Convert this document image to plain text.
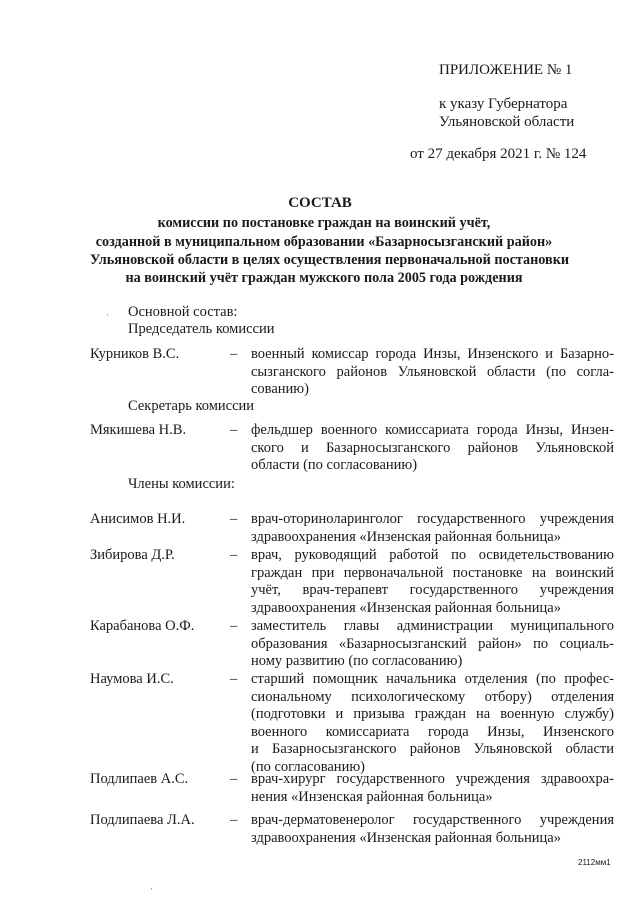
ПРИЛОЖЕНИЕ № 1
к указу Губернатора
Ульяновской области
от 27 декабря 2021 г. № 124
СОСТАВ
комиссии по постановке граждан на воинский учёт,
созданной в муниципальном образовании «Базарносызганский район»
Ульяновской области в целях осуществления первоначальной постановки
на воинский учёт граждан мужского пола 2005 года рождения
· Основной состав:
Председатель комиссии
Курников В.С.	– военный комиссар города Инзы, Инзенского и Базарно-
сызганского районов Ульяновской области (по согла-
сованию)
Секретарь комиссии
Мякишева Н.В.	– фельдшер военного комиссариата города Инзы, Инзен-
ского и Базарносызганского районов Ульяновской
области (по согласованию)
Члены комиссии:
Анисимов Н.И.	– врач-оториноларинголог государственного учреждения
здравоохранения «Инзенская районная больница»
Зибирова Д.Р.	– врач, руководящий работой по освидетельствованию
граждан при первоначальной постановке на воинский
учёт, врач-терапевт государственного учреждения
здравоохранения «Инзенская районная больница»
Карабанова О.Ф. – заместитель главы администрации муниципального
образования «Базарносызганский район» по социаль-
ному развитию (по согласованию)
Наумова И.С.	– старший помощник начальника отделения (по профес-
сиональному психологическому отбору) отделения
(подготовки и призыва граждан на военную службу)
военного комиссариата города Инзы, Инзенского
и Базарносызганского районов Ульяновской области
(по согласованию)
Подлипаев А.С.	– врач-хирург государственного учреждения здравоохра-
нения «Инзенская районная больница»
Подлипаева Л.А. – врач-дерматовенеролог государственного учреждения
здравоохранения «Инзенская районная больница»
2112мм1
·
